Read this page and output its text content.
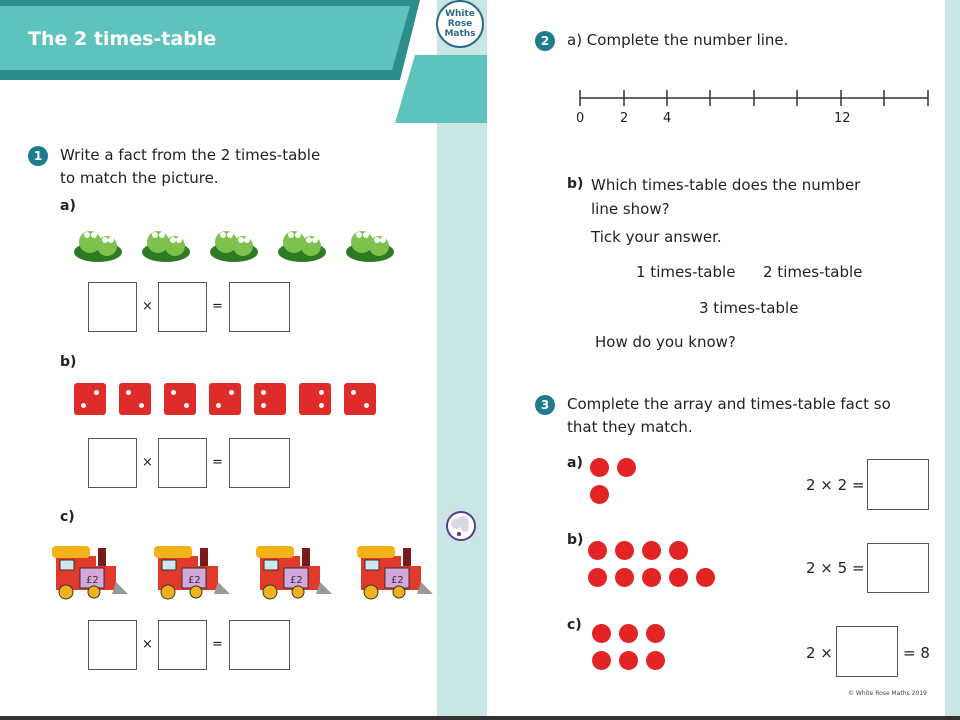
The 2 times-table
White
Rose
Maths
1	Write a fact from the 2 times-table
to match the picture.
a)
×	=
b)
×	=
c)
£2	£2	£2	£2
×	=
2	a) Complete the number line.
0	2	4	12
b) Which times-table does the number
line show?
Tick your answer.
1 times-table 2 times-table
3 times-table
How do you know?
3	Complete the array and times-table fact so
that they match.
a)
2 × 2 =
b)
2 × 5 =
c)
2 ×	= 8
© White Rose Maths 2019
